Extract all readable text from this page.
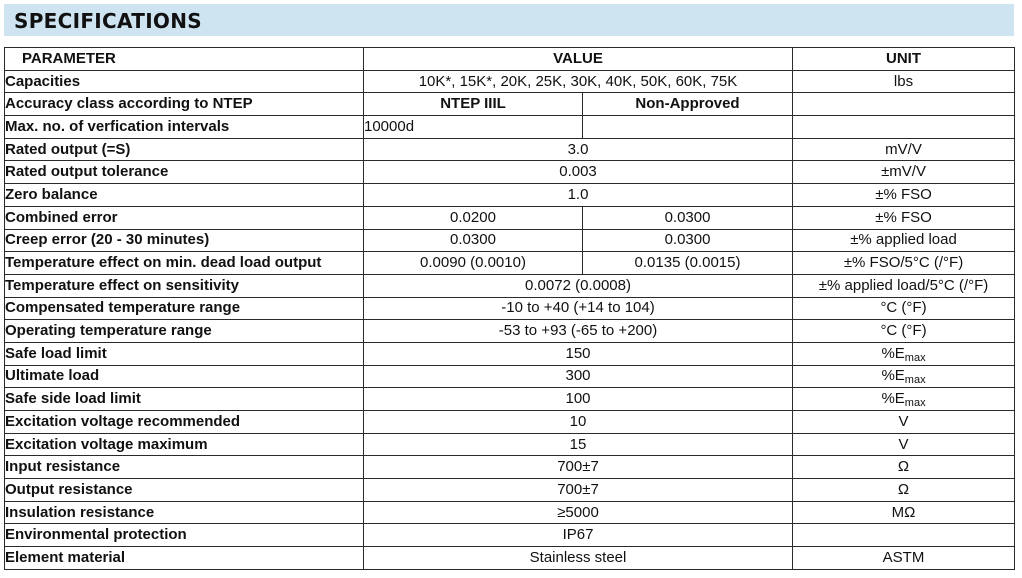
SPECIFICATIONS
PARAMETER	VALUE		UNIT
Capacities	10K*, 15K*, 20K, 25K, 30K, 40K, 50K, 60K, 75K		lbs
Accuracy class according to NTEP	NTEP IIIL	Non-Approved	
Max. no. of verfication intervals	10000d		
Rated output (=S)	3.0		mV/V
Rated output tolerance	0.003		±mV/V
Zero balance	1.0		±% FSO
Combined error	0.0200	0.0300	±% FSO
Creep error (20 - 30 minutes)	0.0300	0.0300	±% applied load
Temperature effect on min. dead load output	0.0090 (0.0010)	0.0135 (0.0015)	±% FSO/5°C (/°F)
Temperature effect on sensitivity	0.0072 (0.0008)		±% applied load/5°C (/°F)
Compensated temperature range	-10 to +40 (+14 to 104)		°C (°F)
Operating temperature range	-53 to +93 (-65 to +200)		°C (°F)
Safe load limit	150		$\%E_{max}$
Ultimate load	300		$\%E_{max}$
Safe side load limit	100		$\%E_{max}$
Excitation voltage recommended	10		V
Excitation voltage maximum	15		V
Input resistance	700±7		Ω
Output resistance	700±7		Ω
Insulation resistance	≥5000		MΩ
Environmental protection	IP67		
Element material	Stainless steel		ASTM
